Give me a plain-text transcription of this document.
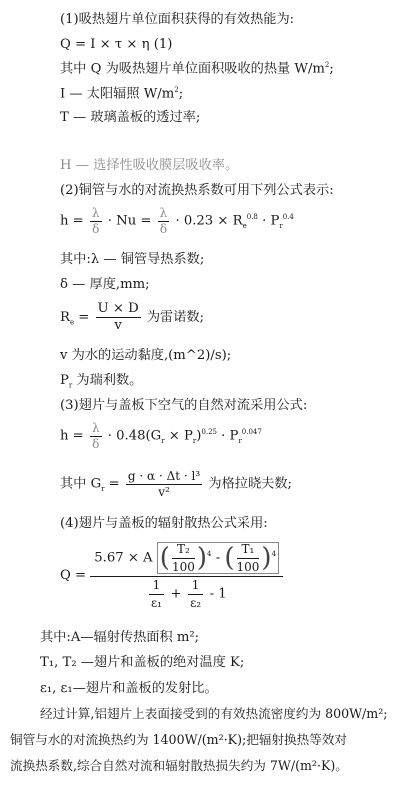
(1)吸热翅片单位面积获得的有效热能为:
Q = I × τ × η (1)
其中 Q 为吸热翅片单位面积吸收的热量 $W/m^2$;
I — 太阳辐照 $W/m^2$;
T — 玻璃盖板的透过率;
H — 选择性吸收膜层吸收率。
(2)铜管与水的对流换热系数可用下列公式表示:
$h = \frac{\lambda}{\delta} \cdot Nu = \frac{\lambda}{\delta} \cdot 0.23 \times R_e^{0.8} \cdot P_r^{0.4}$
其中:λ — 铜管导热系数;
δ — 厚度,mm;
$R_e = \frac{U \times D}{v}$ 为雷诺数;
v 为水的运动黏度,(m^2)/s);
$P_r$ 为瑞利数。
(3)翅片与盖板下空气的自然对流采用公式:
$h = \frac{\lambda}{\delta} \cdot 0.48(G_r \times P_r)^{0.25} \cdot P_r^{0.047}$
其中 $G_r = \frac{\text{g · α · Δt · l³}}{\text{v²}}$ 为格拉晓夫数;
(4)翅片与盖板的辐射散热公式采用:
$Q = \frac{5.67 \times A ( \frac{\text{T₂}}{100} )^4 - ( \frac{\text{T₁}}{100} )^4}{\frac{1}{\text{ε₁}} + \frac{1}{\text{ε₂}} - 1}$
其中:A—辐射传热面积 m²;
T₁, T₂ —翅片和盖板的绝对温度 K;
ε₁, ε₁—翅片和盖板的发射比。
经过计算,铝翅片上表面接受到的有效热流密度约为 800W/m²;
铜管与水的对流换热约为 1400W/(m²·K);把辐射换热等效对
流换热系数,综合自然对流和辐射散热损失约为 7W/(m²·K)。
